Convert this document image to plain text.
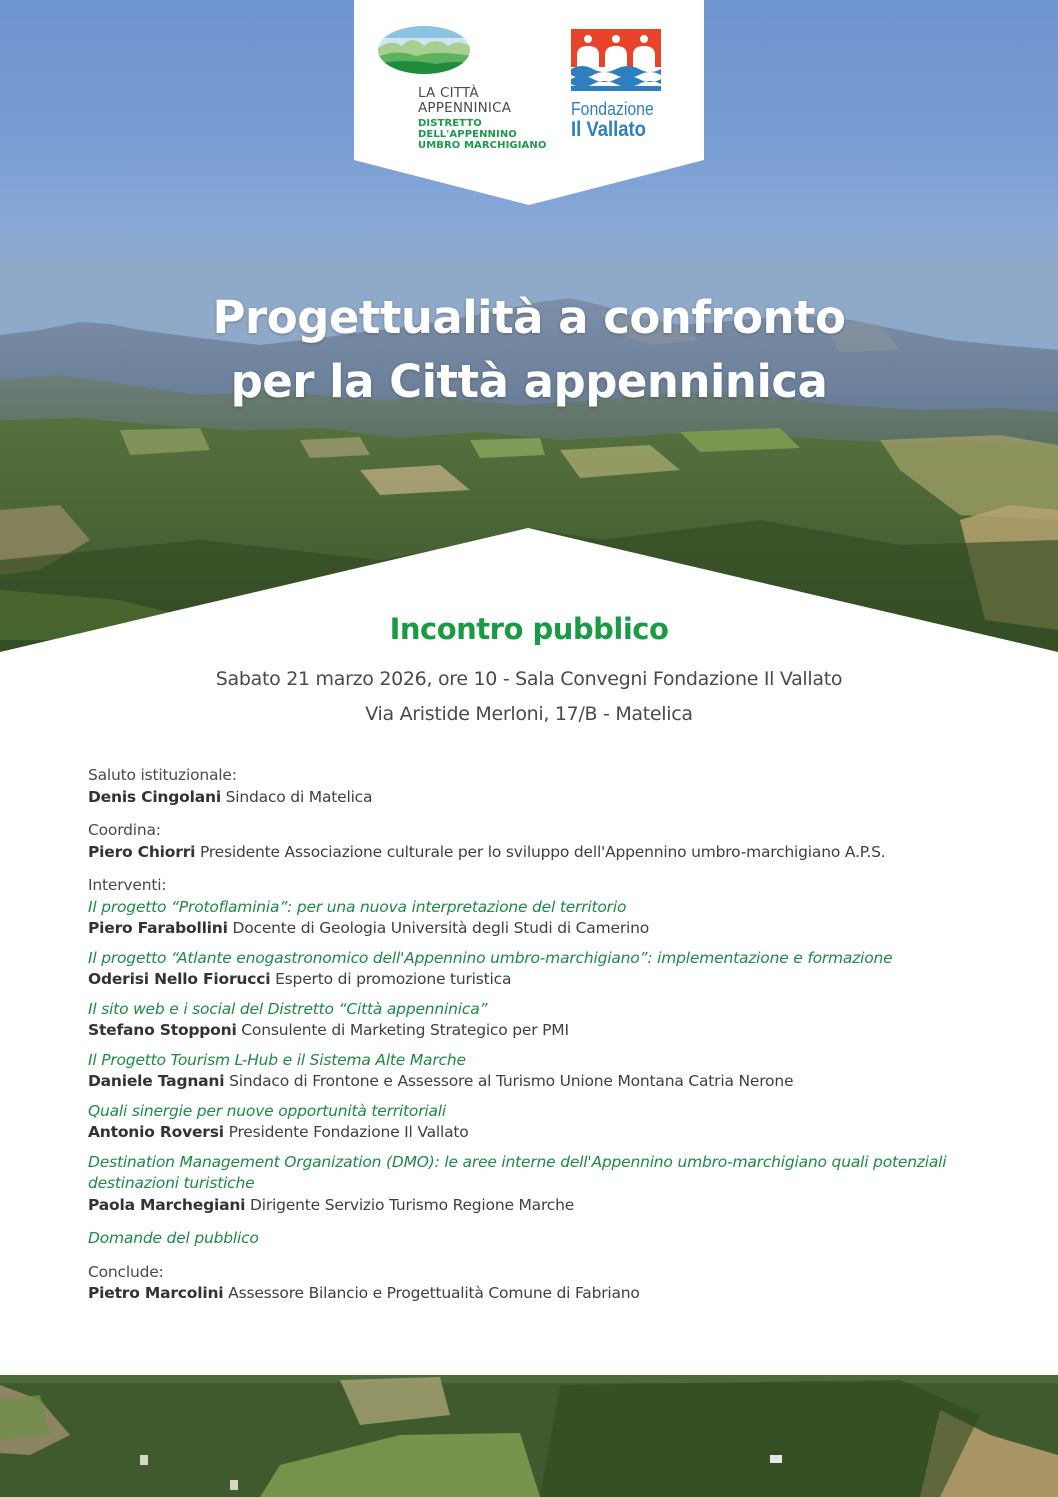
LA CITTÀ
APPENNINICA
DISTRETTO
DELL'APPENNINO
UMBRO MARCHIGIANO
Fondazione
Il Vallato
Progettualità a confronto
per la Città appenninica
Incontro pubblico
Sabato 21 marzo 2026, ore 10 - Sala Convegni Fondazione Il Vallato
Via Aristide Merloni, 17/B - Matelica
Saluto istituzionale:
Denis Cingolani Sindaco di Matelica
Coordina:
Piero Chiorri Presidente Associazione culturale per lo sviluppo dell'Appennino umbro-marchigiano A.P.S.
Interventi:
Il progetto “Protoflaminia”: per una nuova interpretazione del territorio
Piero Farabollini Docente di Geologia Università degli Studi di Camerino
Il progetto “Atlante enogastronomico dell'Appennino umbro-marchigiano”: implementazione e formazione
Oderisi Nello Fiorucci Esperto di promozione turistica
Il sito web e i social del Distretto “Città appenninica”
Stefano Stopponi Consulente di Marketing Strategico per PMI
Il Progetto Tourism L-Hub e il Sistema Alte Marche
Daniele Tagnani Sindaco di Frontone e Assessore al Turismo Unione Montana Catria Nerone
Quali sinergie per nuove opportunità territoriali
Antonio Roversi Presidente Fondazione Il Vallato
Destination Management Organization (DMO): le aree interne dell'Appennino umbro-marchigiano quali potenziali destinazioni turistiche
Paola Marchegiani Dirigente Servizio Turismo Regione Marche
Domande del pubblico
Conclude:
Pietro Marcolini Assessore Bilancio e Progettualità Comune di Fabriano
